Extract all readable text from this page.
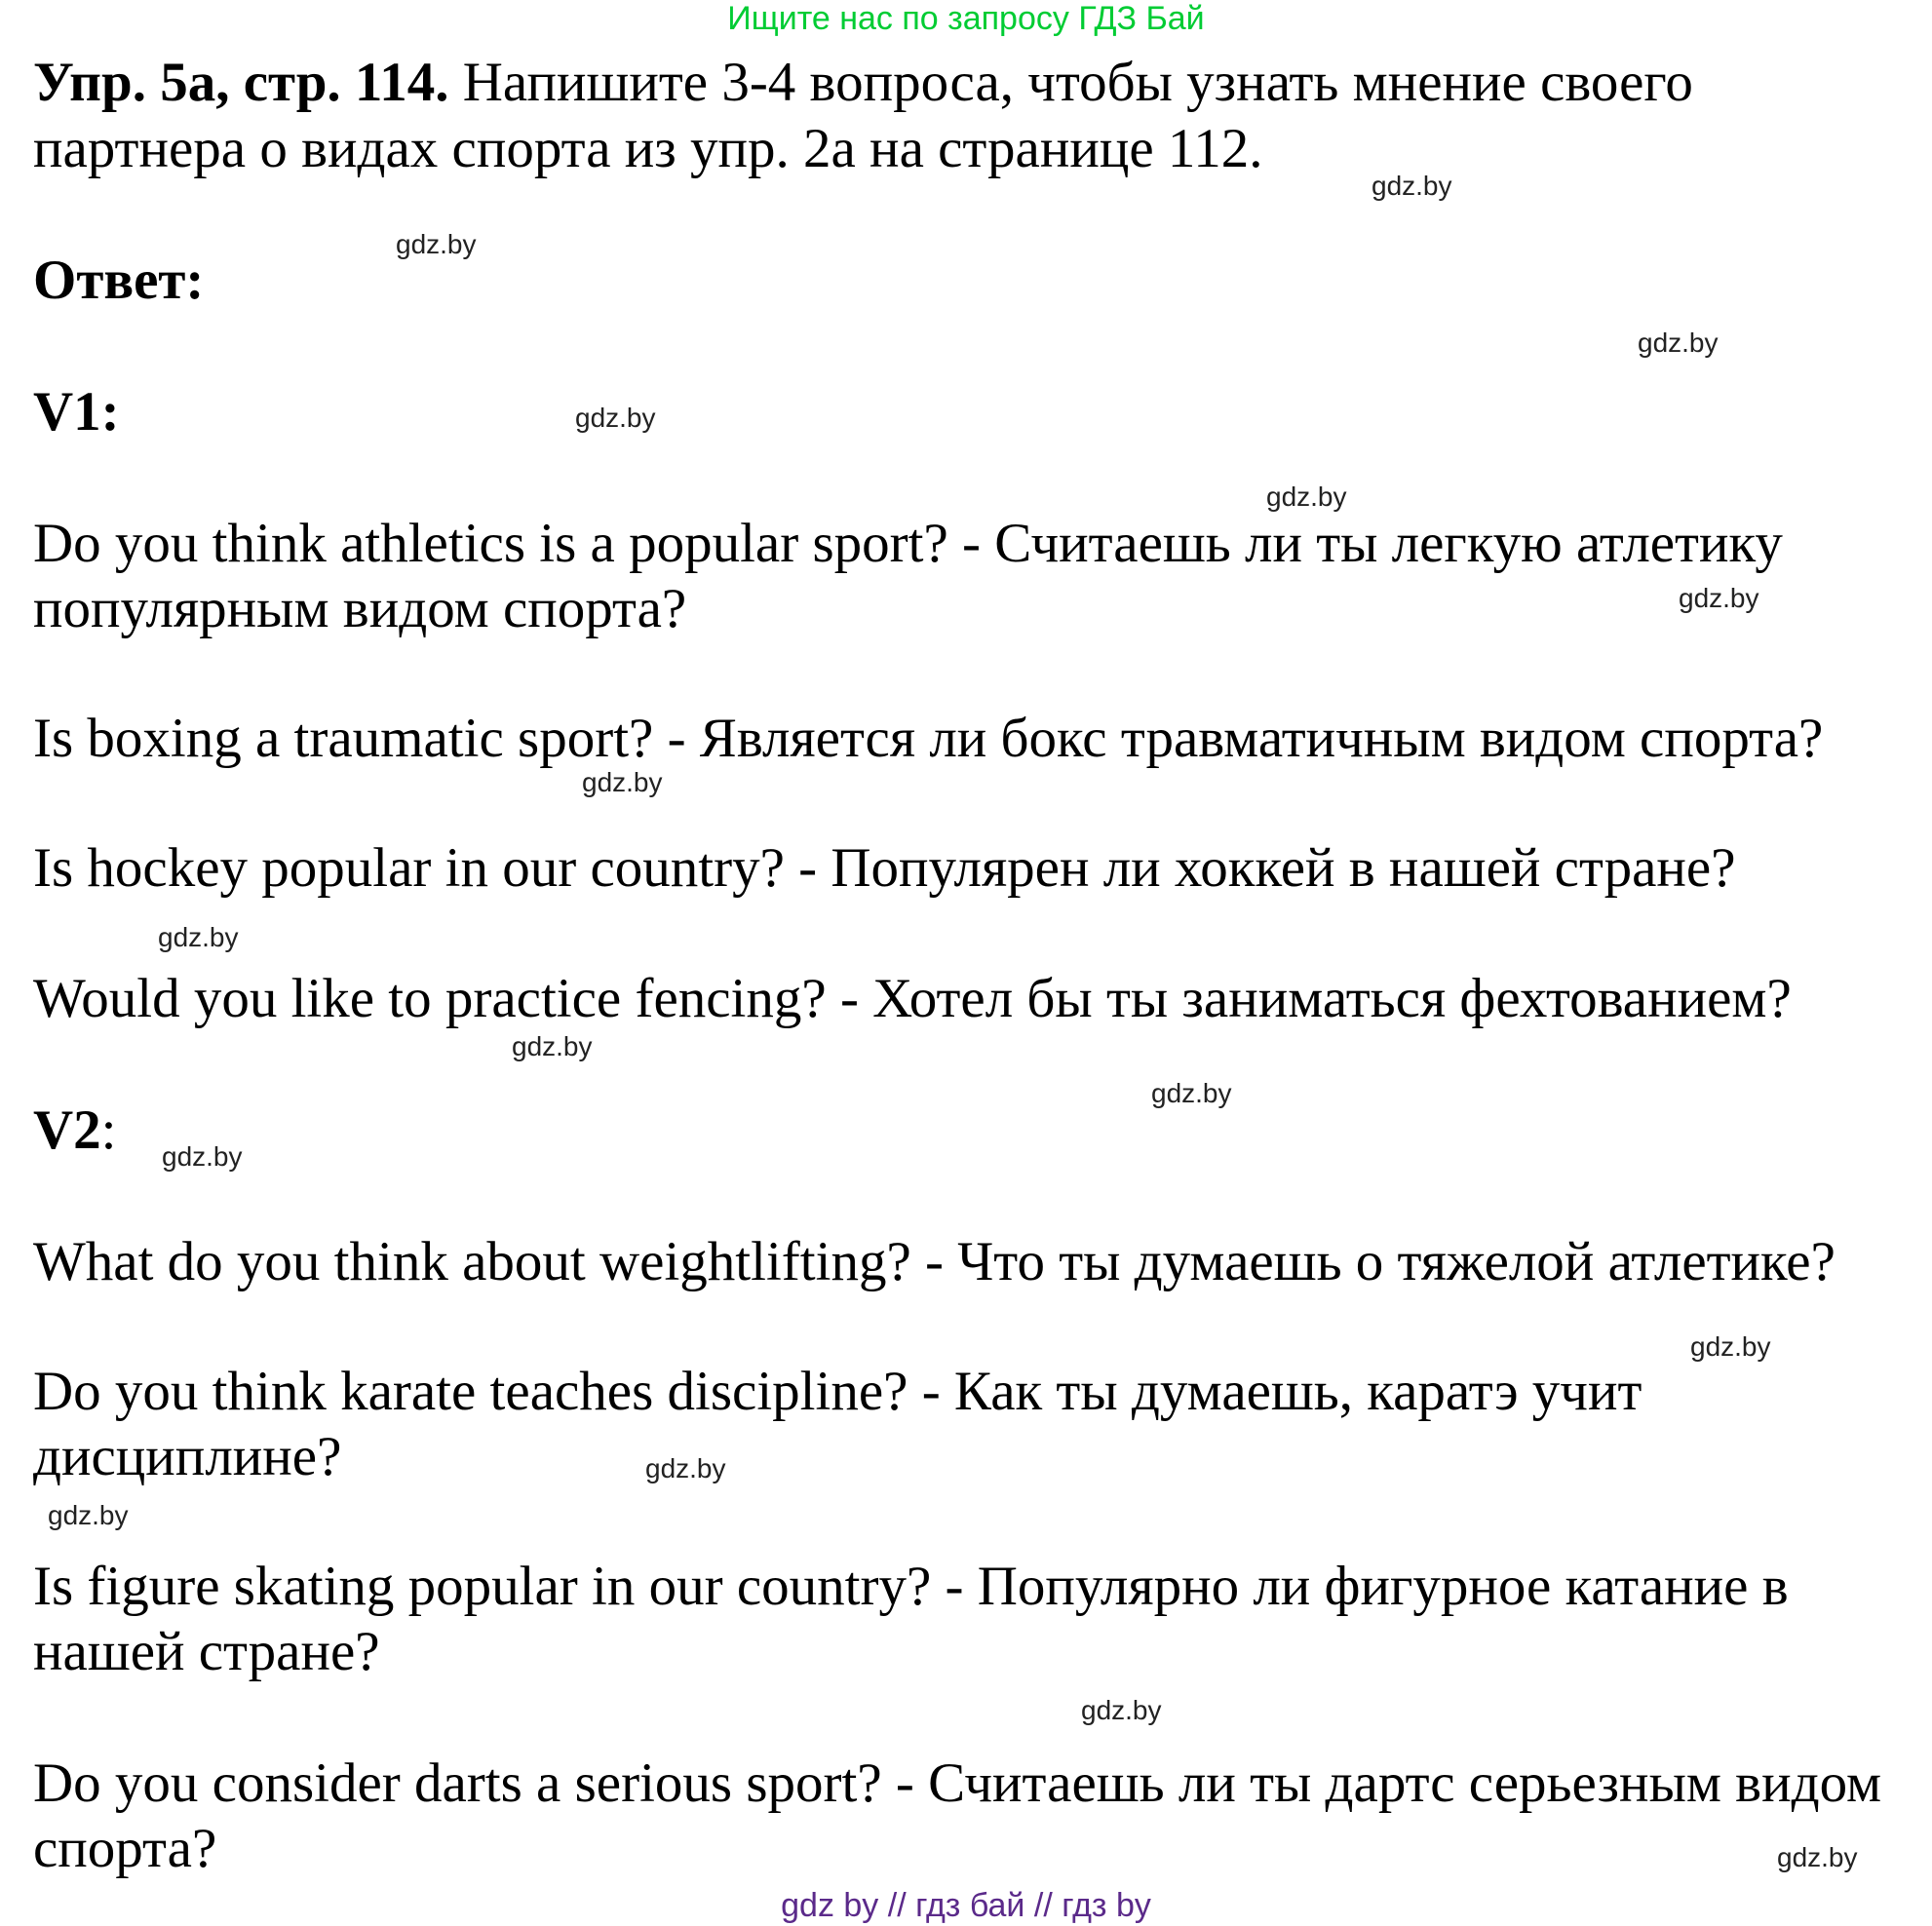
Ищите нас по запросу ГДЗ Бай
Упр. 5а, стр. 114. Напишите 3-4 вопроса, чтобы узнать мнение своего
партнера о видах спорта из упр. 2а на странице 112.
Ответ:
V1:
Do you think athletics is a popular sport? - Считаешь ли ты легкую атлетику
популярным видом спорта?
Is boxing a traumatic sport? - Является ли бокс травматичным видом спорта?
Is hockey popular in our country? - Популярен ли хоккей в нашей стране?
Would you like to practice fencing? - Хотел бы ты заниматься фехтованием?
V2:
What do you think about weightlifting? - Что ты думаешь о тяжелой атлетике?
Do you think karate teaches discipline? - Как ты думаешь, каратэ учит
дисциплине?
Is figure skating popular in our country? - Популярно ли фигурное катание в
нашей стране?
Do you consider darts a serious sport? - Считаешь ли ты дартс серьезным видом
спорта?
gdz.by
gdz.by
gdz.by
gdz.by
gdz.by
gdz.by
gdz.by
gdz.by
gdz.by
gdz.by
gdz.by
gdz.by
gdz.by
gdz.by
gdz.by
gdz.by
gdz by // гдз бай // гдз by
